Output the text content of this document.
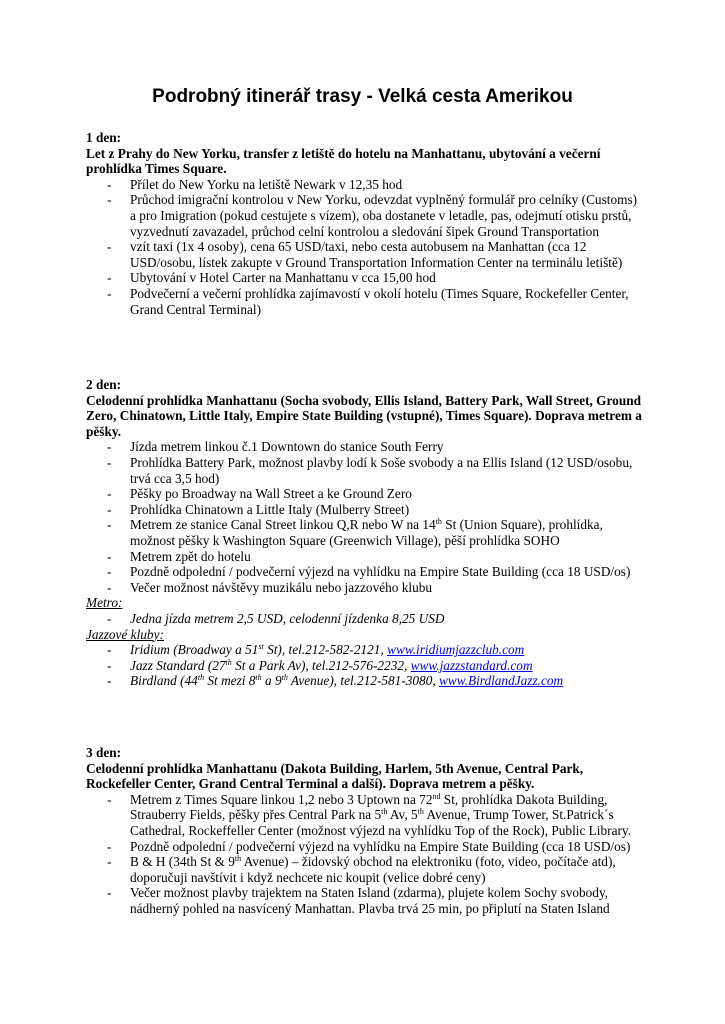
Podrobný itinerář trasy - Velká cesta Amerikou
1 den:
Let z Prahy do New Yorku, transfer z letiště do hotelu na Manhattanu, ubytování a večerní prohlídka Times Square.
- Přílet do New Yorku na letiště Newark v 12,35 hod
- Průchod imigrační kontrolou v New Yorku, odevzdat vyplněný formulář pro celníky (Customs) a pro Imigration (pokud cestujete s vízem), oba dostanete v letadle, pas, odejmutí otisku prstů, vyzvednutí zavazadel, průchod celní kontrolou a sledování šipek Ground Transportation
- vzít taxi (1x 4 osoby), cena 65 USD/taxi, nebo cesta autobusem na Manhattan (cca 12 USD/osobu, lístek zakupte v Ground Transportation Information Center na terminálu letiště)
- Ubytování v Hotel Carter na Manhattanu v cca 15,00 hod
- Podvečerní a večerní prohlídka zajímavostí v okolí hotelu (Times Square, Rockefeller Center, Grand Central Terminal)
2 den:
Celodenní prohlídka Manhattanu (Socha svobody, Ellis Island, Battery Park, Wall Street, Ground Zero, Chinatown, Little Italy, Empire State Building (vstupné), Times Square). Doprava metrem a pěšky.
- Jízda metrem linkou č.1 Downtown do stanice South Ferry
- Prohlídka Battery Park, možnost plavby lodí k Soše svobody a na Ellis Island (12 USD/osobu, trvá cca 3,5 hod)
- Pěšky po Broadway na Wall Street a ke Ground Zero
- Prohlídka Chinatown a Little Italy (Mulberry Street)
- Metrem ze stanice Canal Street linkou Q,R nebo W na 14th St (Union Square), prohlídka, možnost pěšky k Washington Square (Greenwich Village), pěší prohlídka SOHO
- Metrem zpět do hotelu
- Pozdně odpolední / podvečerní výjezd na vyhlídku na Empire State Building (cca 18 USD/os)
- Večer možnost návštěvy muzikálu nebo jazzového klubu
Metro:
- Jedna jízda metrem 2,5 USD, celodenní jízdenka 8,25 USD
Jazzové kluby:
- Iridium (Broadway a 51st St), tel.212-582-2121, www.iridiumjazzclub.com
- Jazz Standard (27th St a Park Av), tel.212-576-2232, www.jazzstandard.com
- Birdland (44th St mezi 8th a 9th Avenue), tel.212-581-3080, www.BirdlandJazz.com
3 den:
Celodenní prohlídka Manhattanu (Dakota Building, Harlem, 5th Avenue, Central Park, Rockefeller Center, Grand Central Terminal a další). Doprava metrem a pěšky.
- Metrem z Times Square linkou 1,2 nebo 3 Uptown na 72nd St, prohlídka Dakota Building, Strauberry Fields, pěšky přes Central Park na 5th Av, 5th Avenue, Trump Tower, St.Patrick´s Cathedral, Rockeffeller Center (možnost výjezd na vyhlídku Top of the Rock), Public Library.
- Pozdně odpolední / podvečerní výjezd na vyhlídku na Empire State Building (cca 18 USD/os)
- B & H (34th St & 9th Avenue) – židovský obchod na elektroniku (foto, video, počítače atd), doporučuji navštívit i když nechcete nic koupit (velice dobré ceny)
- Večer možnost plavby trajektem na Staten Island (zdarma), plujete kolem Sochy svobody, nádherný pohled na nasvícený Manhattan. Plavba trvá 25 min, po připlutí na Staten Island
